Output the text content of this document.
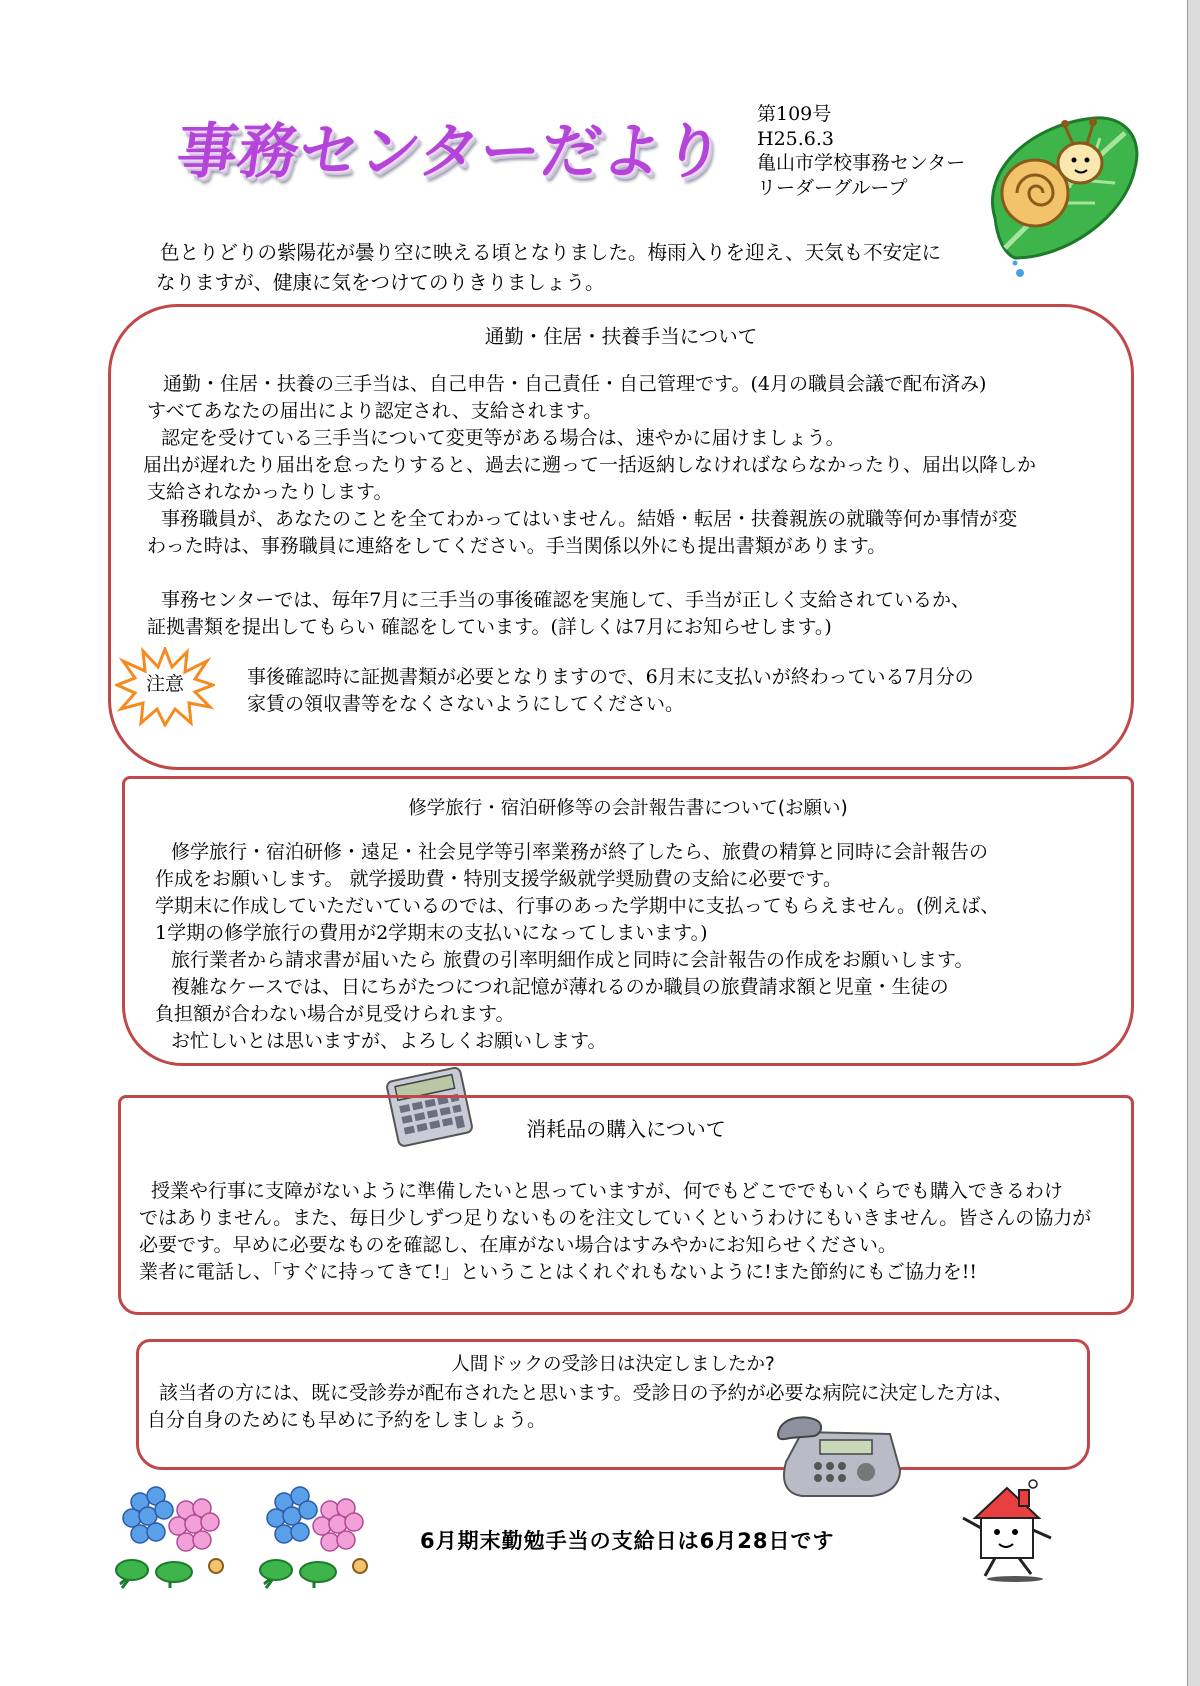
事務センターだより
第109号
H25.6.3
亀山市学校事務センター
リーダーグループ

色とりどりの紫陽花が曇り空に映える頃となりました。梅雨入りを迎え、天気も不安定に

なりますが、健康に気をつけてのりきりましょう。

通勤・住居・扶養手当について

通勤・住居・扶養の三手当は、自己申告・自己責任・自己管理です。(4月の職員会議で配布済み)

すべてあなたの届出により認定され、支給されます。

認定を受けている三手当について変更等がある場合は、速やかに届けましょう。

届出が遅れたり届出を怠ったりすると、過去に遡って一括返納しなければならなかったり、届出以降しか

支給されなかったりします。

事務職員が、あなたのことを全てわかってはいません。結婚・転居・扶養親族の就職等何か事情が変

わった時は、事務職員に連絡をしてください。手当関係以外にも提出書類があります。

事務センターでは、毎年7月に三手当の事後確認を実施して、手当が正しく支給されているか、

証拠書類を提出してもらい 確認をしています。(詳しくは7月にお知らせします。)

注意	事後確認時に証拠書類が必要となりますので、6月末に支払いが終わっている7月分の

家賃の領収書等をなくさないようにしてください。

修学旅行・宿泊研修等の会計報告書について(お願い)

修学旅行・宿泊研修・遠足・社会見学等引率業務が終了したら、旅費の精算と同時に会計報告の

作成をお願いします。 就学援助費・特別支援学級就学奨励費の支給に必要です。

学期末に作成していただいているのでは、行事のあった学期中に支払ってもらえません。(例えば、

1学期の修学旅行の費用が2学期末の支払いになってしまいます。)

旅行業者から請求書が届いたら 旅費の引率明細作成と同時に会計報告の作成をお願いします。

複雑なケースでは、日にちがたつにつれ記憶が薄れるのか職員の旅費請求額と児童・生徒の

負担額が合わない場合が見受けられます。

お忙しいとは思いますが、よろしくお願いします。

消耗品の購入について

授業や行事に支障がないように準備したいと思っていますが、何でもどこででもいくらでも購入できるわけ

ではありません。また、毎日少しずつ足りないものを注文していくというわけにもいきません。皆さんの協力が

必要です。早めに必要なものを確認し、在庫がない場合はすみやかにお知らせください。

業者に電話し、「すぐに持ってきて!」ということはくれぐれもないように!また節約にもご協力を!!

人間ドックの受診日は決定しましたか?

該当者の方には、既に受診券が配布されたと思います。受診日の予約が必要な病院に決定した方は、

自分自身のためにも早めに予約をしましょう。

6月期末勤勉手当の支給日は6月28日です
